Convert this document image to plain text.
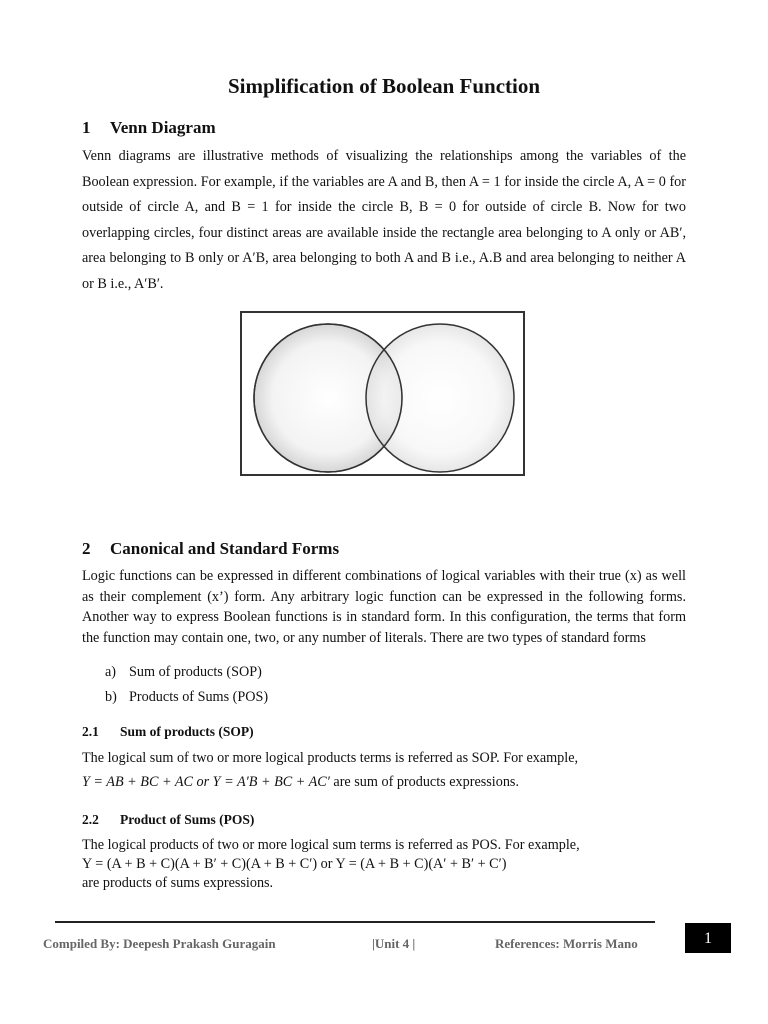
Simplification of Boolean Function
1 Venn Diagram
Venn diagrams are illustrative methods of visualizing the relationships among the variables of the Boolean expression. For example, if the variables are A and B, then A = 1 for inside the circle A, A = 0 for outside of circle A, and B = 1 for inside the circle B, B = 0 for outside of circle B. Now for two overlapping circles, four distinct areas are available inside the rectangle area belonging to A only or AB′, area belonging to B only or A′B, area belonging to both A and B i.e., A.B and area belonging to neither A or B i.e., A′B′.
2 Canonical and Standard Forms
Logic functions can be expressed in different combinations of logical variables with their true (x) as well as their complement (x’) form. Any arbitrary logic function can be expressed in the following forms. Another way to express Boolean functions is in standard form. In this configuration, the terms that form the function may contain one, two, or any number of literals. There are two types of standard forms
a) Sum of products (SOP)
b) Products of Sums (POS)
2.1 Sum of products (SOP)
The logical sum of two or more logical products terms is referred as SOP. For example,
Y = AB + BC + AC or Y = A′B + BC + AC′ are sum of products expressions.
2.2 Product of Sums (POS)
The logical products of two or more logical sum terms is referred as POS. For example,
Y = (A + B + C)(A + B′ + C)(A + B + C′) or Y = (A + B + C)(A′ + B′ + C′)
are products of sums expressions.
Compiled By: Deepesh Prakash Guragain	|Unit 4 |	References: Morris Mano	1
